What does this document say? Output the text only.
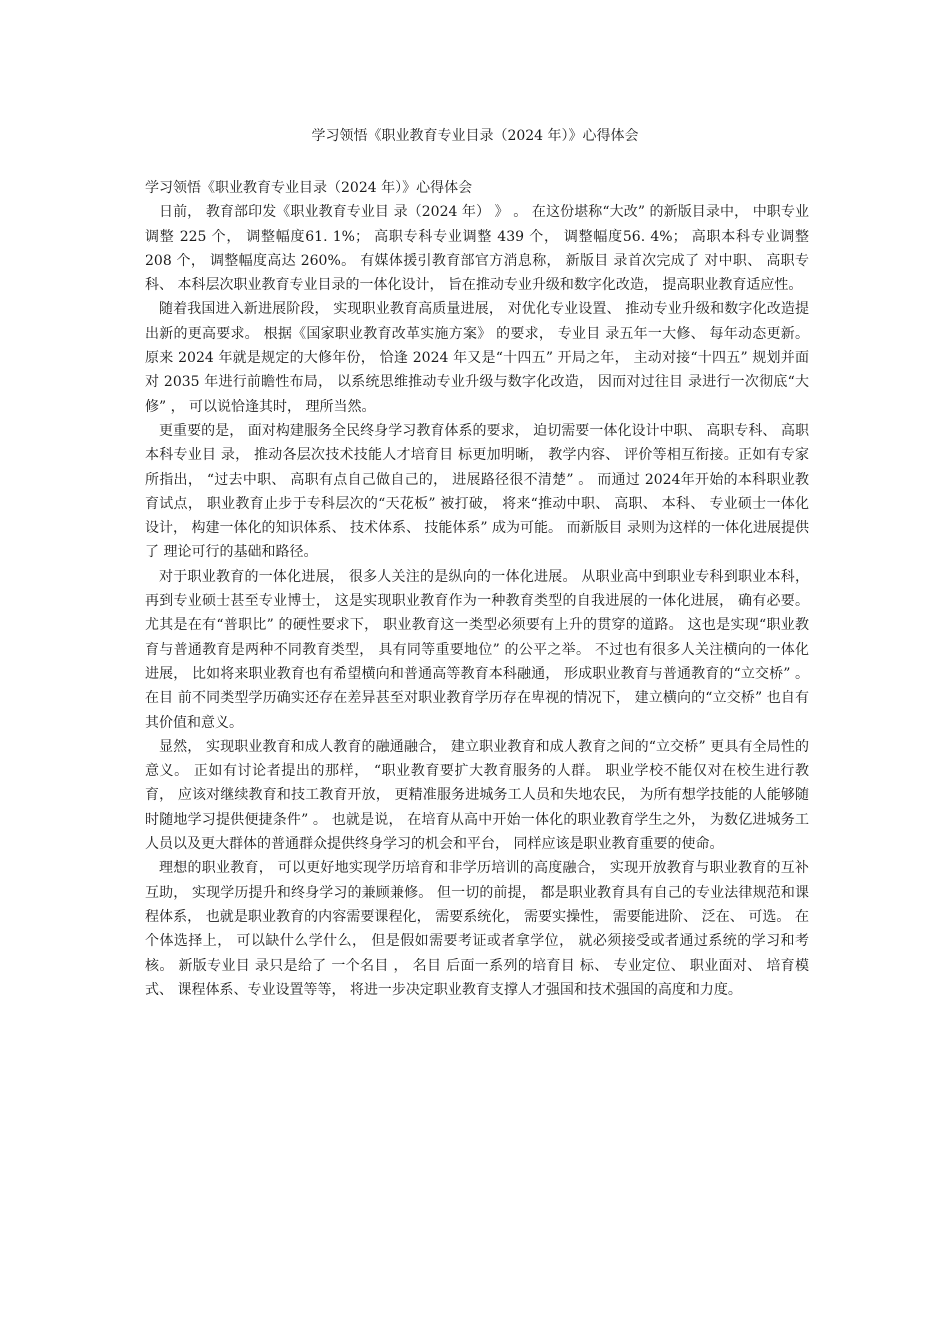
学习领悟《职业教育专业目录（2024 年）》心得体会

学习领悟《职业教育专业目录（2024 年）》心得体会

日前， 教育部印发《职业教育专业目 录（2024 年） 》 。 在这份堪称“大改” 的新版目录中， 中职专业调整 225 个， 调整幅度61. 1%； 高职专科专业调整 439 个， 调整幅度56. 4%； 高职本科专业调整 208 个， 调整幅度高达 260%。 有媒体援引教育部官方消息称， 新版目 录首次完成了 对中职、 高职专科、 本科层次职业教育专业目录的一体化设计， 旨在推动专业升级和数字化改造， 提高职业教育适应性。

随着我国进入新进展阶段， 实现职业教育高质量进展， 对优化专业设置、 推动专业升级和数字化改造提出新的更高要求。 根据《国家职业教育改革实施方案》 的要求， 专业目 录五年一大修、 每年动态更新。 原来 2024 年就是规定的大修年份， 恰逢 2024 年又是“十四五” 开局之年， 主动对接“十四五” 规划并面对 2035 年进行前瞻性布局， 以系统思维推动专业升级与数字化改造， 因而对过往目 录进行一次彻底“大修” ， 可以说恰逢其时， 理所当然。

更重要的是， 面对构建服务全民终身学习教育体系的要求， 迫切需要一体化设计中职、 高职专科、 高职本科专业目 录， 推动各层次技术技能人才培育目 标更加明晰， 教学内容、 评价等相互衔接。正如有专家所指出， “过去中职、 高职有点自己做自己的， 进展路径很不清楚” 。 而通过 2024年开始的本科职业教育试点， 职业教育止步于专科层次的“天花板” 被打破， 将来“推动中职、 高职、 本科、 专业硕士一体化设计， 构建一体化的知识体系、 技术体系、 技能体系” 成为可能。 而新版目 录则为这样的一体化进展提供了 理论可行的基础和路径。

对于职业教育的一体化进展， 很多人关注的是纵向的一体化进展。 从职业高中到职业专科到职业本科， 再到专业硕士甚至专业博士， 这是实现职业教育作为一种教育类型的自我进展的一体化进展， 确有必要。 尤其是在有“普职比” 的硬性要求下， 职业教育这一类型必须要有上升的贯穿的道路。 这也是实现“职业教育与普通教育是两种不同教育类型， 具有同等重要地位” 的公平之举。 不过也有很多人关注横向的一体化进展， 比如将来职业教育也有希望横向和普通高等教育本科融通， 形成职业教育与普通教育的“立交桥” 。 在目 前不同类型学历确实还存在差异甚至对职业教育学历存在卑视的情况下， 建立横向的“立交桥” 也自有其价值和意义。

显然， 实现职业教育和成人教育的融通融合， 建立职业教育和成人教育之间的“立交桥” 更具有全局性的意义。 正如有讨论者提出的那样， “职业教育要扩大教育服务的人群。 职业学校不能仅对在校生进行教育， 应该对继续教育和技工教育开放， 更精准服务进城务工人员和失地农民， 为所有想学技能的人能够随时随地学习提供便捷条件” 。 也就是说， 在培育从高中开始一体化的职业教育学生之外， 为数亿进城务工人员以及更大群体的普通群众提供终身学习的机会和平台， 同样应该是职业教育重要的使命。

理想的职业教育， 可以更好地实现学历培育和非学历培训的高度融合， 实现开放教育与职业教育的互补互助， 实现学历提升和终身学习的兼顾兼修。 但一切的前提， 都是职业教育具有自己的专业法律规范和课程体系， 也就是职业教育的内容需要课程化， 需要系统化， 需要实操性， 需要能进阶、 泛在、 可选。 在个体选择上， 可以缺什么学什么， 但是假如需要考证或者拿学位， 就必须接受或者通过系统的学习和考核。 新版专业目 录只是给了 一个名目 ， 名目 后面一系列的培育目 标、 专业定位、 职业面对、 培育模式、 课程体系、专业设置等等， 将进一步决定职业教育支撑人才强国和技术强国的高度和力度。
